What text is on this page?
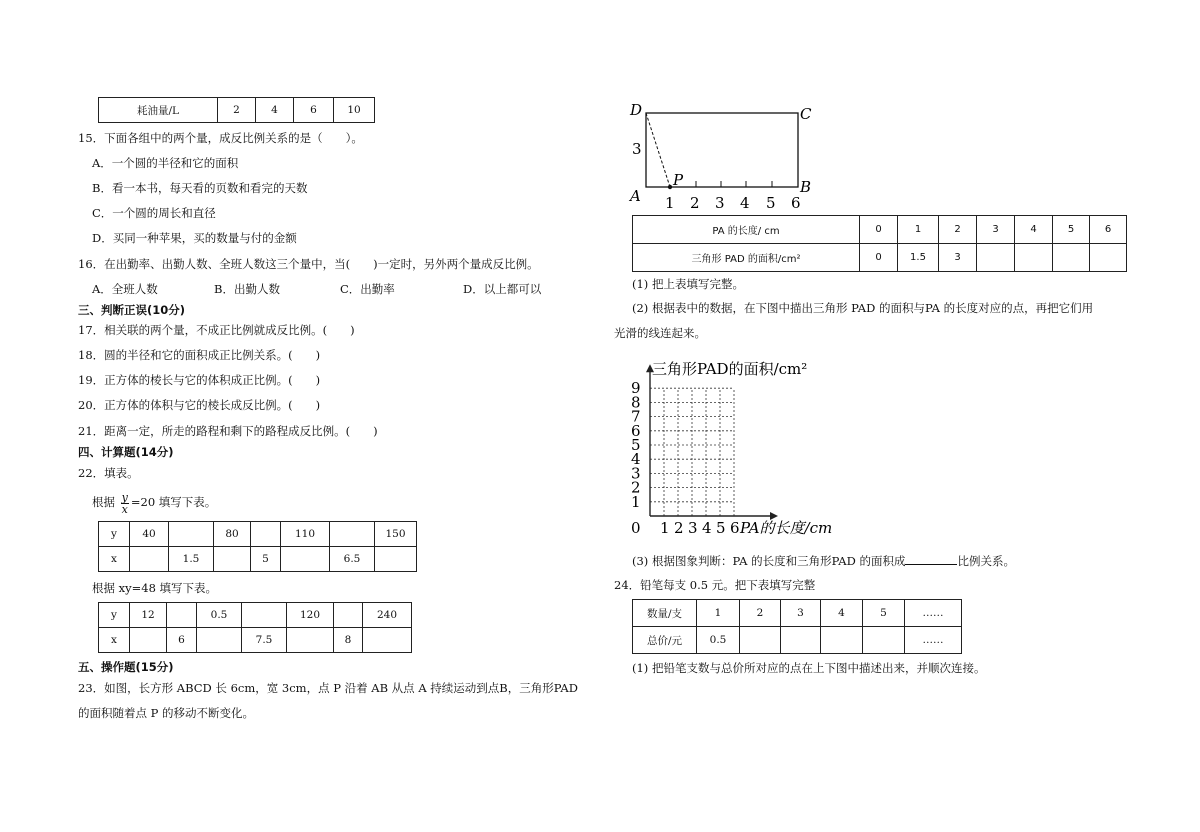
耗油量/L	2	4	6	10
15．下面各组中的两个量，成反比例关系的是（　　）。
A．一个圆的半径和它的面积
B．看一本书，每天看的页数和看完的天数
C．一个圆的周长和直径
D．买同一种苹果，买的数量与付的金额
16．在出勤率、出勤人数、全班人数这三个量中，当(　　)一定时，另外两个量成反比例。
A．全班人数	B．出勤人数	C．出勤率	D．以上都可以
三、判断正误(10分)
17．相关联的两个量，不成正比例就成反比例。(　　)
18．圆的半径和它的面积成正比例关系。(　　)
19．正方体的棱长与它的体积成正比例。(　　)
20．正方体的体积与它的棱长成反比例。(　　)
21．距离一定，所走的路程和剩下的路程成反比例。(　　)
四、计算题(14分)
22．填表。
根据 $\frac{y}{x} =20$ 填写下表。
y	40		80		110		150
x		1.5		5		6.5	
根据 xy=48 填写下表。
y	12		0.5		120		240
x		6		7.5		8	
五、操作题(15分)
23．如图，长方形 ABCD 长 6cm，宽 3cm，点 P 沿着 AB 从点 A 持续运动到点B，三角形PAD
的面积随着点 P 的移动不断变化。
D	C
3
A	B
P
1 2 3 4 5 6
PA 的长度/ cm	0	1	2	3	4	5	6
三角形 PAD 的面积/cm²	0	1.5	3				
(1) 把上表填写完整。
(2) 根据表中的数据，在下图中描出三角形 PAD 的面积与PA 的长度对应的点，再把它们用
光滑的线连起来。
1 2 3 4 5 6
1
2
3
4
5
6
7
8
9
0	PA的长度/cm
三角形PAD的面积/cm²
(3) 根据图象判断：PA 的长度和三角形PAD 的面积成	比例关系。
24．铅笔每支 0.5 元。把下表填写完整
数量/支	1	2	3	4	5	……
总价/元	0.5					……
(1) 把铅笔支数与总价所对应的点在上下图中描述出来，并顺次连接。
